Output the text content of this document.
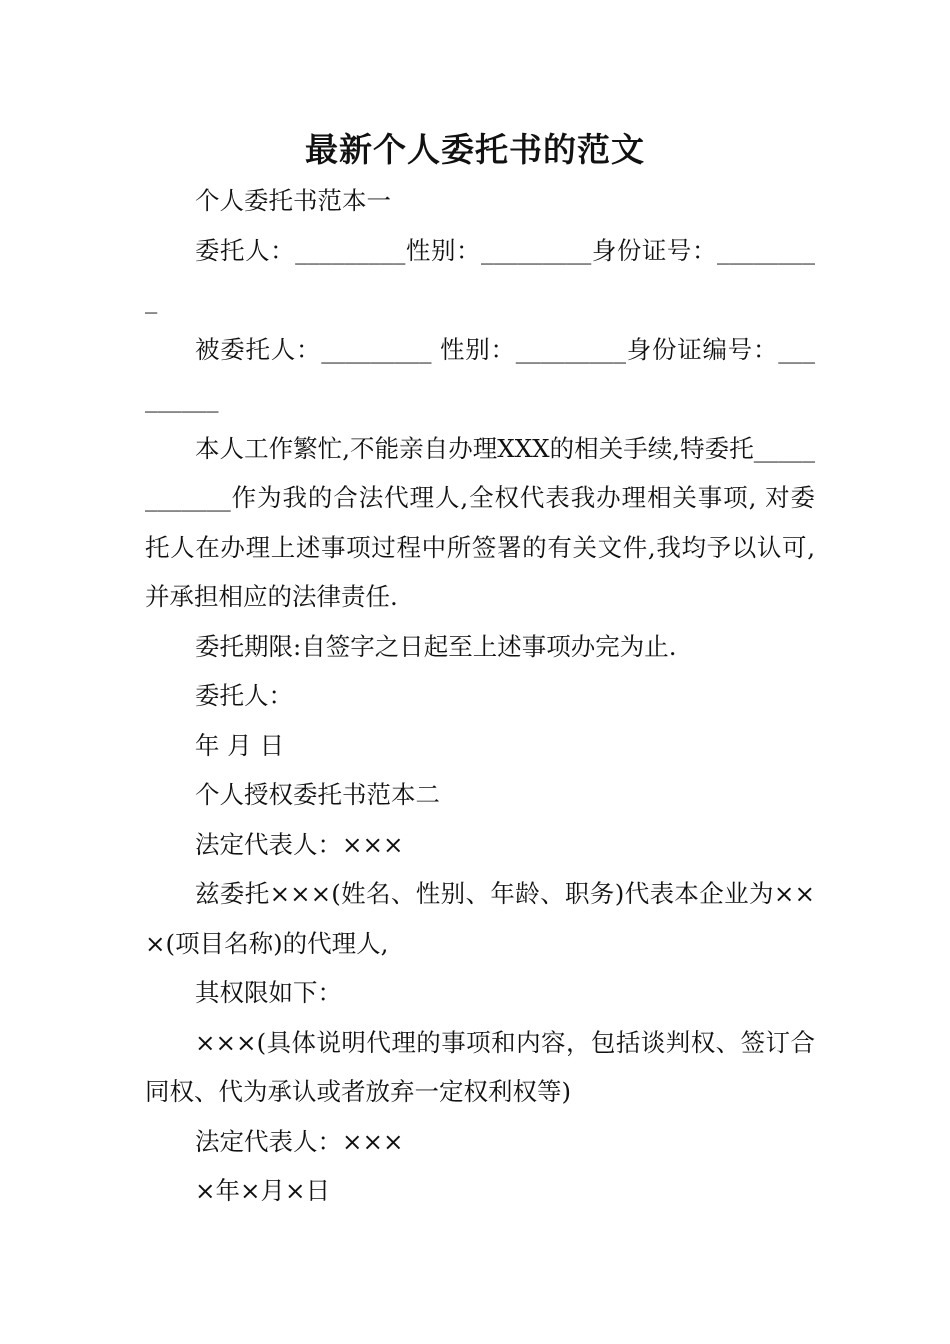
最新个人委托书的范文

个人委托书范本一

委托人：_________性别：_________身份证号：_________

被委托人：_________ 性别：_________身份证编号：_________

本人工作繁忙,不能亲自办理XXX的相关手续,特委托____________作为我的合法代理人,全权代表我办理相关事项, 对委托人在办理上述事项过程中所签署的有关文件,我均予以认可,并承担相应的法律责任.

委托期限:自签字之日起至上述事项办完为止.

委托人：

年 月 日

个人授权委托书范本二

法定代表人：×××

兹委托×××(姓名、性别、年龄、职务)代表本企业为×××(项目名称)的代理人,

其权限如下：

×××(具体说明代理的事项和内容，包括谈判权、签订合同权、代为承认或者放弃一定权利权等)

法定代表人：×××

×年×月×日
